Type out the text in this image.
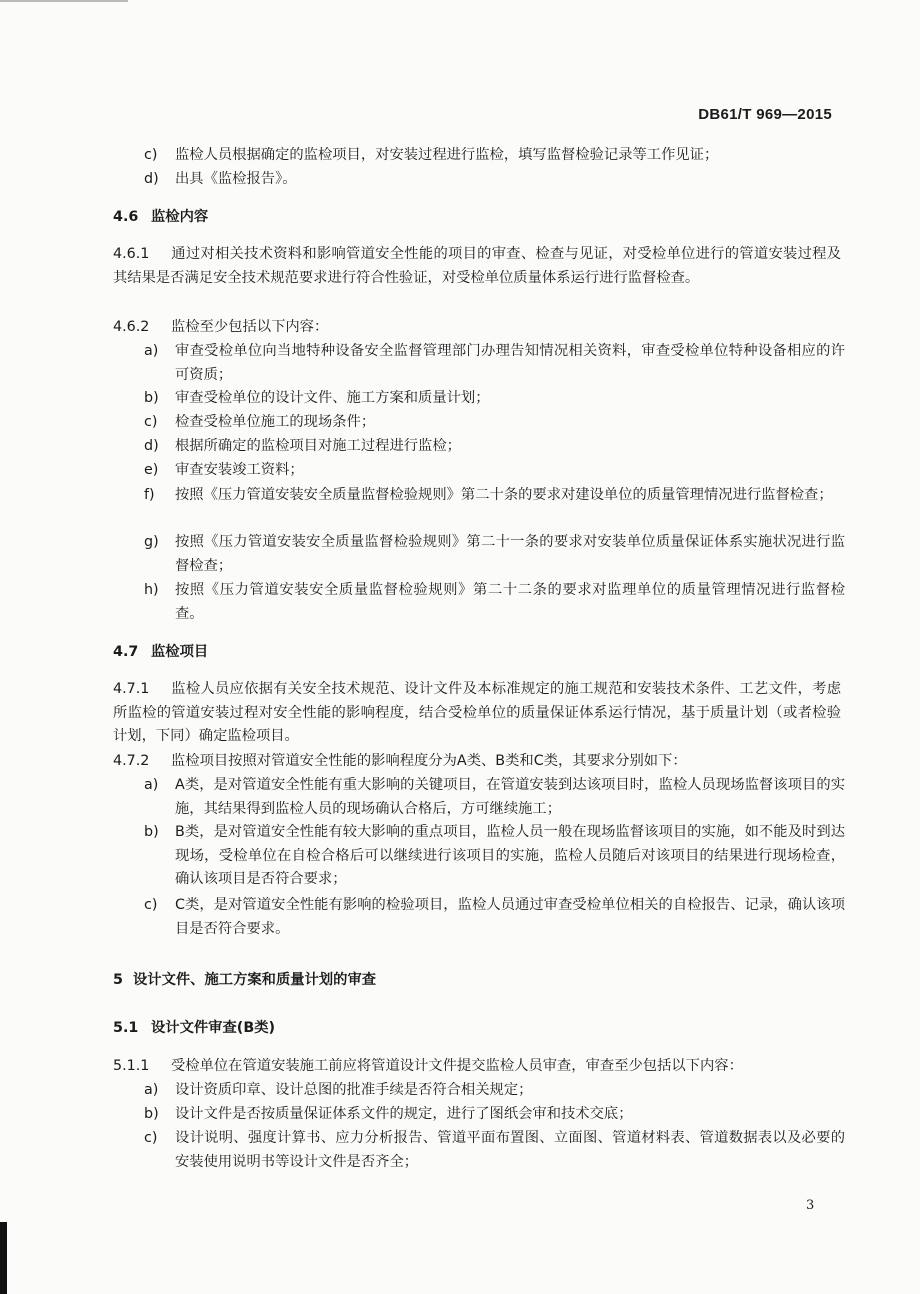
DB61/T 969—2015
c)	监检人员根据确定的监检项目，对安装过程进行监检，填写监督检验记录等工作见证；
d)	出具《监检报告》。
4.6 监检内容
4.6.1 通过对相关技术资料和影响管道安全性能的项目的审查、检查与见证，对受检单位进行的管道安装过程及其结果是否满足安全技术规范要求进行符合性验证，对受检单位质量体系运行进行监督检查。
4.6.2 监检至少包括以下内容：
a)	审查受检单位向当地特种设备安全监督管理部门办理告知情况相关资料，审查受检单位特种设备相应的许可资质；
b)	审查受检单位的设计文件、施工方案和质量计划；
c)	检查受检单位施工的现场条件；
d)	根据所确定的监检项目对施工过程进行监检；
e)	审查安装竣工资料；
f)	按照《压力管道安装安全质量监督检验规则》第二十条的要求对建设单位的质量管理情况进行监督检查；
g)	按照《压力管道安装安全质量监督检验规则》第二十一条的要求对安装单位质量保证体系实施状况进行监督检查；
h)	按照《压力管道安装安全质量监督检验规则》第二十二条的要求对监理单位的质量管理情况进行监督检查。
4.7 监检项目
4.7.1 监检人员应依据有关安全技术规范、设计文件及本标准规定的施工规范和安装技术条件、工艺文件，考虑所监检的管道安装过程对安全性能的影响程度，结合受检单位的质量保证体系运行情况，基于质量计划（或者检验计划，下同）确定监检项目。
4.7.2 监检项目按照对管道安全性能的影响程度分为A类、B类和C类，其要求分别如下：
a)	A类，是对管道安全性能有重大影响的关键项目，在管道安装到达该项目时，监检人员现场监督该项目的实施，其结果得到监检人员的现场确认合格后，方可继续施工；
b)	B类，是对管道安全性能有较大影响的重点项目，监检人员一般在现场监督该项目的实施，如不能及时到达现场，受检单位在自检合格后可以继续进行该项目的实施，监检人员随后对该项目的结果进行现场检查，确认该项目是否符合要求；
c)	C类，是对管道安全性能有影响的检验项目，监检人员通过审查受检单位相关的自检报告、记录，确认该项目是否符合要求。
5 设计文件、施工方案和质量计划的审查
5.1 设计文件审查(B类)
5.1.1 受检单位在管道安装施工前应将管道设计文件提交监检人员审查，审查至少包括以下内容：
a)	设计资质印章、设计总图的批准手续是否符合相关规定；
b)	设计文件是否按质量保证体系文件的规定，进行了图纸会审和技术交底；
c)	设计说明、强度计算书、应力分析报告、管道平面布置图、立面图、管道材料表、管道数据表以及必要的安装使用说明书等设计文件是否齐全；
3
